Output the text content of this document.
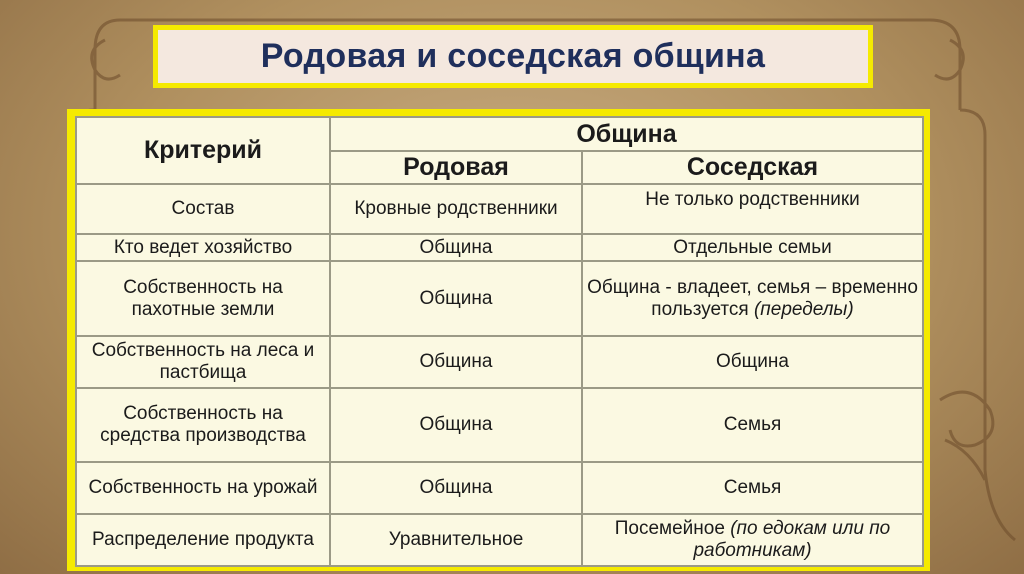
Родовая и соседская община
Критерий	Община	
	Родовая	Соседская
Состав	Кровные родственники	Не только родственники
Кто ведет хозяйство	Община	Отдельные семьи
Собственность на пахотные земли	Община	Община - владеет, семья – временно пользуется (переделы)
Собственность на леса и пастбища	Община	Община
Собственность на средства производства	Община	Семья
Собственность на урожай	Община	Семья
Распределение продукта	Уравнительное	Посемейное (по едокам или по работникам)
